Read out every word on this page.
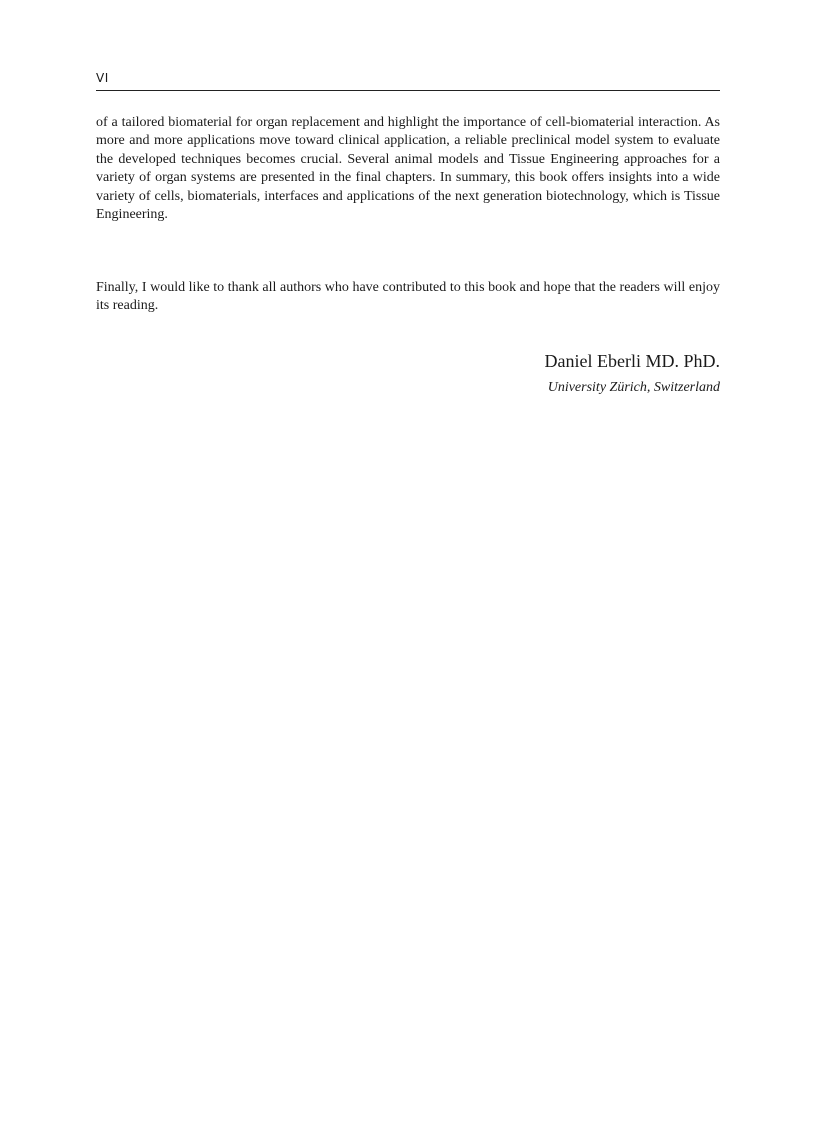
VI

of a tailored biomaterial for organ replacement and highlight the importance of cell-biomaterial interaction. As more and more applications move toward clinical application, a reliable preclinical model system to evaluate the developed techniques becomes crucial. Several animal models and Tissue Engineering approaches for a variety of organ systems are presented in the final chapters. In summary, this book offers insights into a wide variety of cells, biomaterials, interfaces and applications of the next generation biotechnology, which is Tissue Engineering.

Finally, I would like to thank all authors who have contributed to this book and hope that the readers will enjoy its reading.

Daniel Eberli MD. PhD.
University Zürich, Switzerland
